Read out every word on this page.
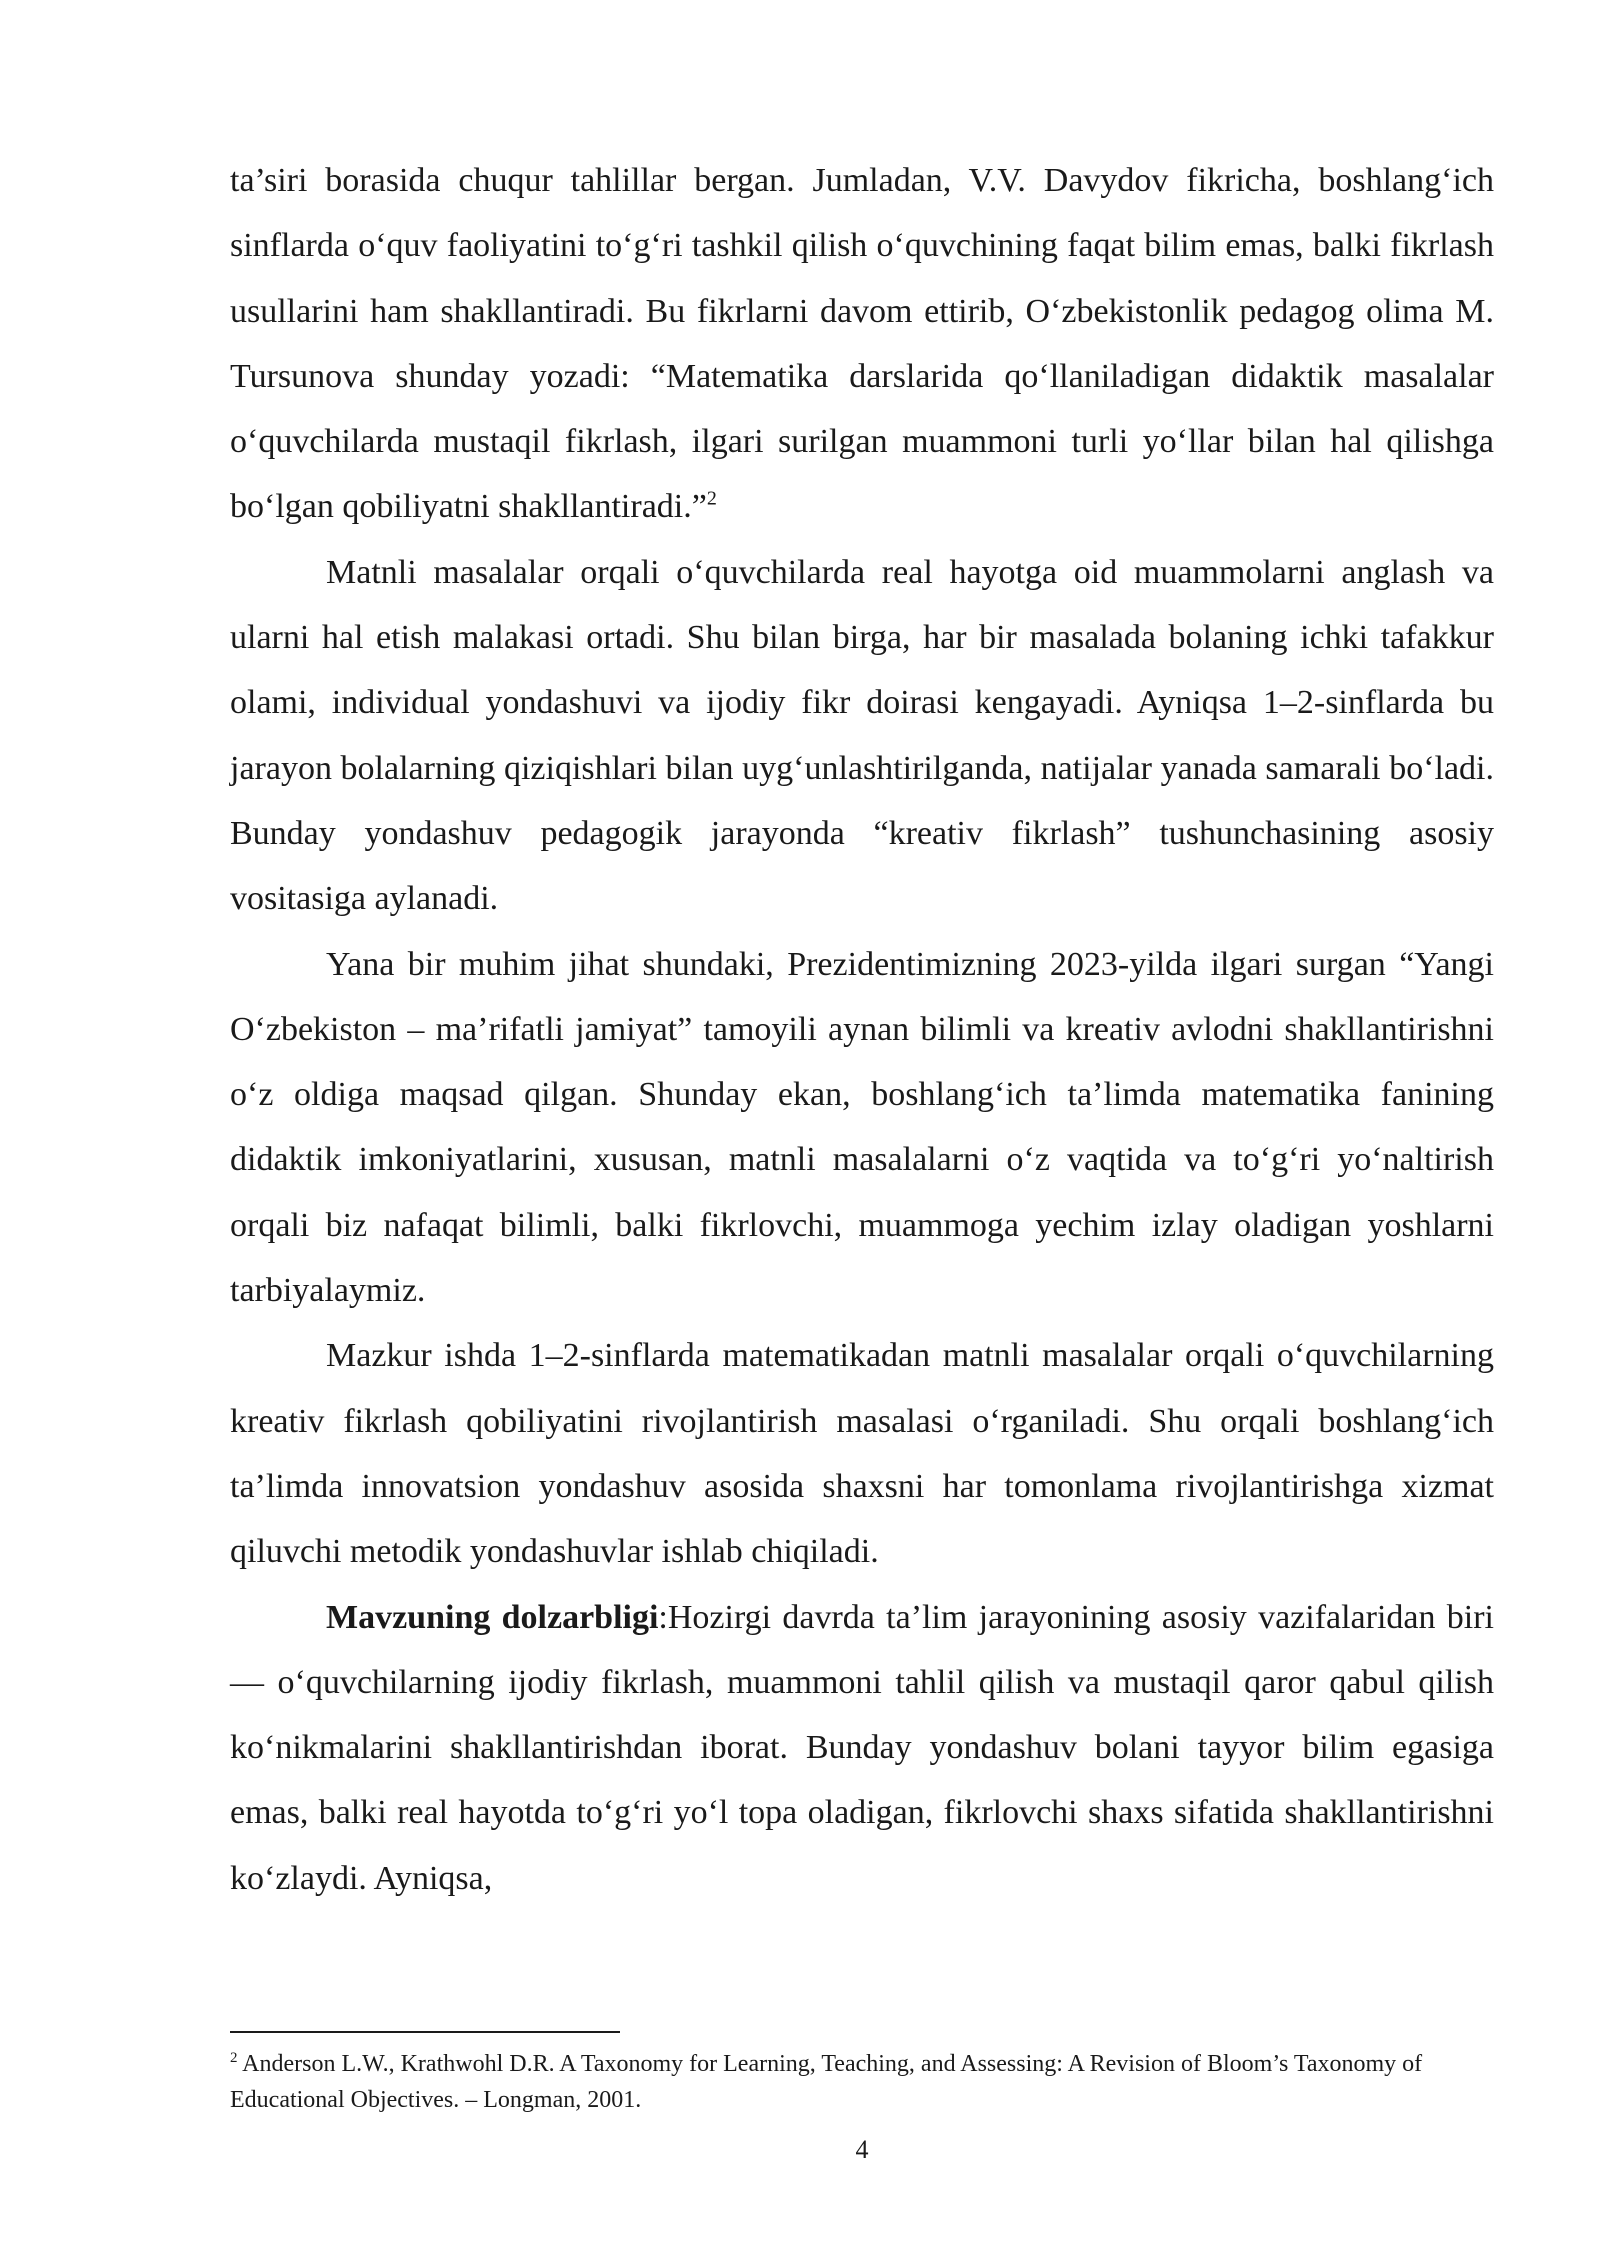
ta’siri borasida chuqur tahlillar bergan. Jumladan, V.V. Davydov fikricha, boshlang‘ich sinflarda o‘quv faoliyatini to‘g‘ri tashkil qilish o‘quvchining faqat bilim emas, balki fikrlash usullarini ham shakllantiradi. Bu fikrlarni davom ettirib, O‘zbekistonlik pedagog olima M. Tursunova shunday yozadi: “Matematika darslarida qo‘llaniladigan didaktik masalalar o‘quvchilarda mustaqil fikrlash, ilgari surilgan muammoni turli yo‘llar bilan hal qilishga bo‘lgan qobiliyatni shakllantiradi.”$^2$

Matnli masalalar orqali o‘quvchilarda real hayotga oid muammolarni anglash va ularni hal etish malakasi ortadi. Shu bilan birga, har bir masalada bolaning ichki tafakkur olami, individual yondashuvi va ijodiy fikr doirasi kengayadi. Ayniqsa 1–2-sinflarda bu jarayon bolalarning qiziqishlari bilan uyg‘unlashtirilganda, natijalar yanada samarali bo‘ladi. Bunday yondashuv pedagogik jarayonda “kreativ fikrlash” tushunchasining asosiy vositasiga aylanadi.

Yana bir muhim jihat shundaki, Prezidentimizning 2023-yilda ilgari surgan “Yangi O‘zbekiston – ma’rifatli jamiyat” tamoyili aynan bilimli va kreativ avlodni shakllantirishni o‘z oldiga maqsad qilgan. Shunday ekan, boshlang‘ich ta’limda matematika fanining didaktik imkoniyatlarini, xususan, matnli masalalarni o‘z vaqtida va to‘g‘ri yo‘naltirish orqali biz nafaqat bilimli, balki fikrlovchi, muammoga yechim izlay oladigan yoshlarni tarbiyalaymiz.

Mazkur ishda 1–2-sinflarda matematikadan matnli masalalar orqali o‘quvchilarning kreativ fikrlash qobiliyatini rivojlantirish masalasi o‘rganiladi. Shu orqali boshlang‘ich ta’limda innovatsion yondashuv asosida shaxsni har tomonlama rivojlantirishga xizmat qiluvchi metodik yondashuvlar ishlab chiqiladi.

Mavzuning dolzarbligi:Hozirgi davrda ta’lim jarayonining asosiy vazifalaridan biri — o‘quvchilarning ijodiy fikrlash, muammoni tahlil qilish va mustaqil qaror qabul qilish ko‘nikmalarini shakllantirishdan iborat. Bunday yondashuv bolani tayyor bilim egasiga emas, balki real hayotda to‘g‘ri yo‘l topa oladigan, fikrlovchi shaxs sifatida shakllantirishni ko‘zlaydi. Ayniqsa,

$^2$ Anderson L.W., Krathwohl D.R. A Taxonomy for Learning, Teaching, and Assessing: A Revision of Bloom’s Taxonomy of Educational Objectives. – Longman, 2001.
4
